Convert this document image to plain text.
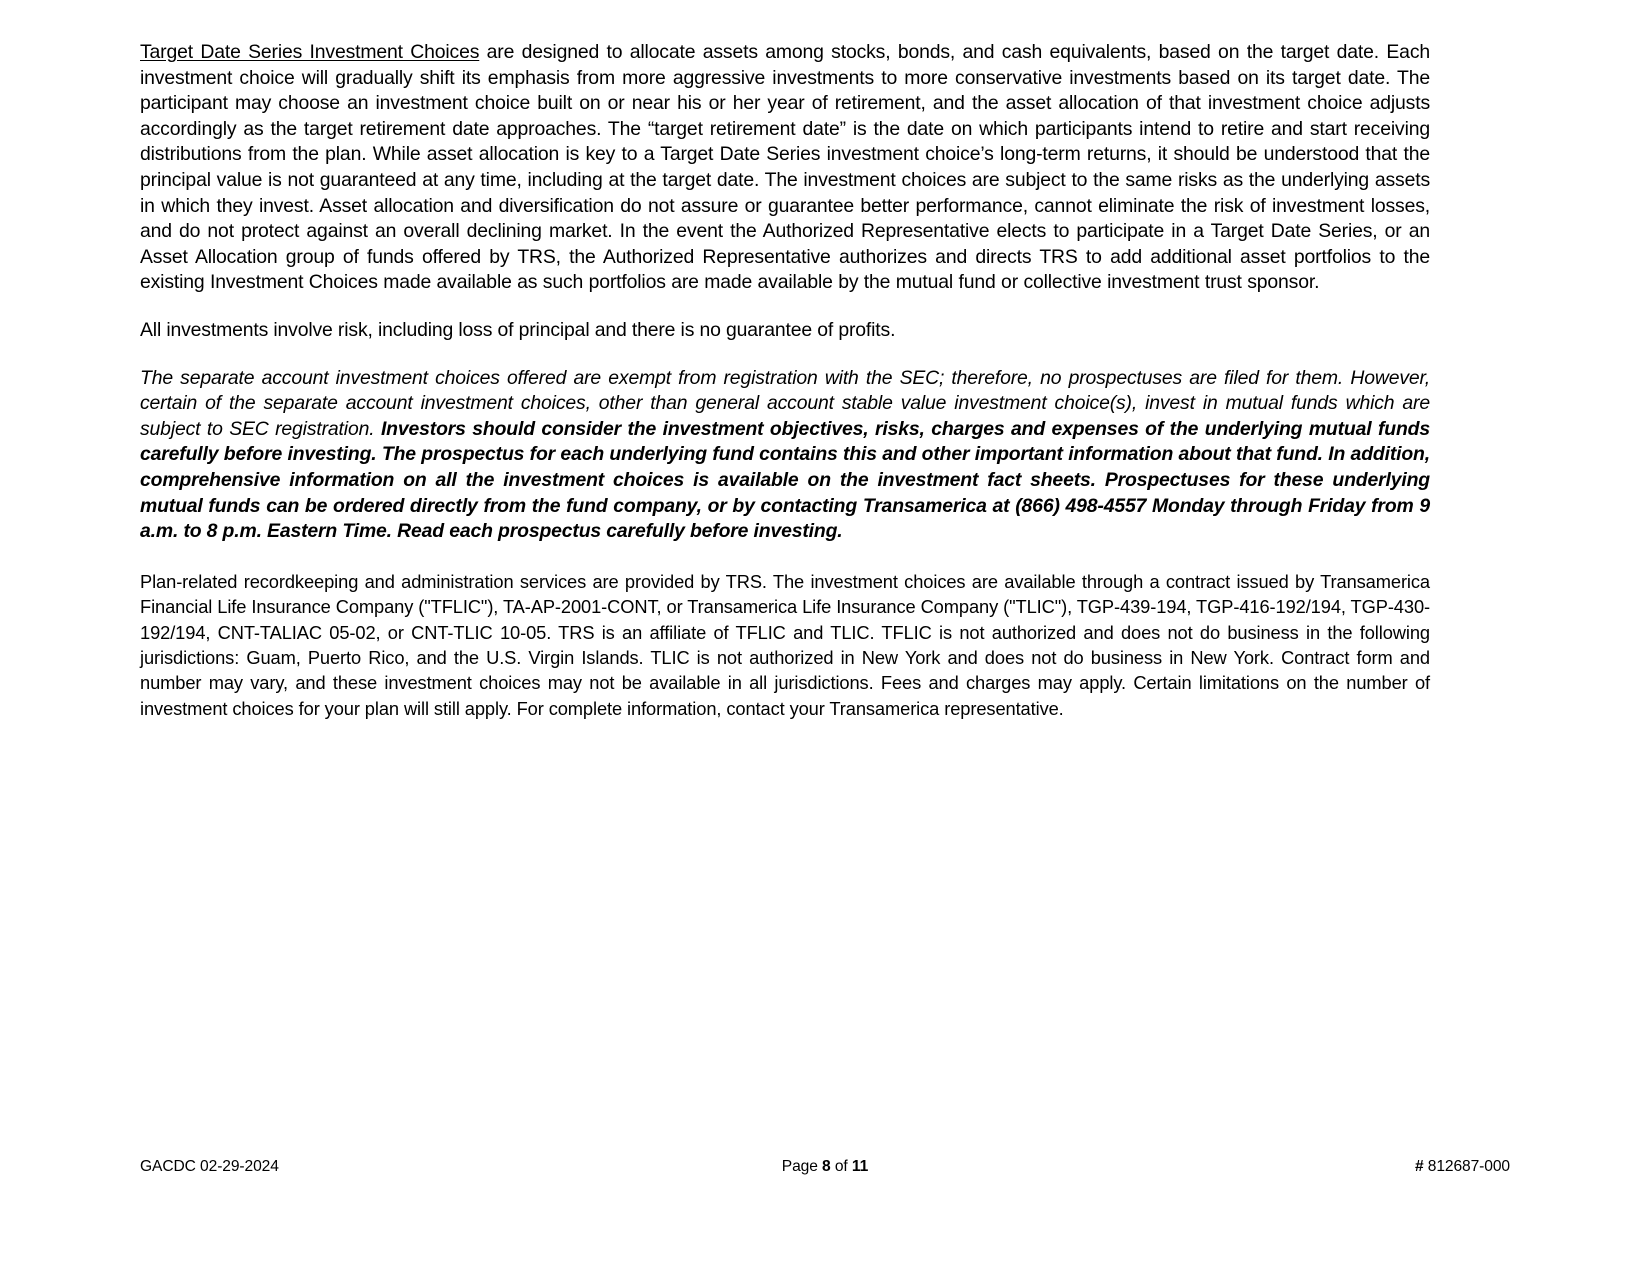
Target Date Series Investment Choices are designed to allocate assets among stocks, bonds, and cash equivalents, based on the target date. Each investment choice will gradually shift its emphasis from more aggressive investments to more conservative investments based on its target date. The participant may choose an investment choice built on or near his or her year of retirement, and the asset allocation of that investment choice adjusts accordingly as the target retirement date approaches. The “target retirement date” is the date on which participants intend to retire and start receiving distributions from the plan. While asset allocation is key to a Target Date Series investment choice’s long-term returns, it should be understood that the principal value is not guaranteed at any time, including at the target date. The investment choices are subject to the same risks as the underlying assets in which they invest. Asset allocation and diversification do not assure or guarantee better performance, cannot eliminate the risk of investment losses, and do not protect against an overall declining market. In the event the Authorized Representative elects to participate in a Target Date Series, or an Asset Allocation group of funds offered by TRS, the Authorized Representative authorizes and directs TRS to add additional asset portfolios to the existing Investment Choices made available as such portfolios are made available by the mutual fund or collective investment trust sponsor.

All investments involve risk, including loss of principal and there is no guarantee of profits.

The separate account investment choices offered are exempt from registration with the SEC; therefore, no prospectuses are filed for them. However, certain of the separate account investment choices, other than general account stable value investment choice(s), invest in mutual funds which are subject to SEC registration. Investors should consider the investment objectives, risks, charges and expenses of the underlying mutual funds carefully before investing. The prospectus for each underlying fund contains this and other important information about that fund. In addition, comprehensive information on all the investment choices is available on the investment fact sheets. Prospectuses for these underlying mutual funds can be ordered directly from the fund company, or by contacting Transamerica at (866) 498-4557 Monday through Friday from 9 a.m. to 8 p.m. Eastern Time. Read each prospectus carefully before investing.

Plan-related recordkeeping and administration services are provided by TRS. The investment choices are available through a contract issued by Transamerica Financial Life Insurance Company ("TFLIC"), TA-AP-2001-CONT, or Transamerica Life Insurance Company ("TLIC"), TGP-439-194, TGP-416-192/194, TGP-430-192/194, CNT-TALIAC 05-02, or CNT-TLIC 10-05. TRS is an affiliate of TFLIC and TLIC. TFLIC is not authorized and does not do business in the following jurisdictions: Guam, Puerto Rico, and the U.S. Virgin Islands. TLIC is not authorized in New York and does not do business in New York. Contract form and number may vary, and these investment choices may not be available in all jurisdictions. Fees and charges may apply. Certain limitations on the number of investment choices for your plan will still apply. For complete information, contact your Transamerica representative.

GACDC 02-29-2024	Page 8 of 11	# 812687-000
